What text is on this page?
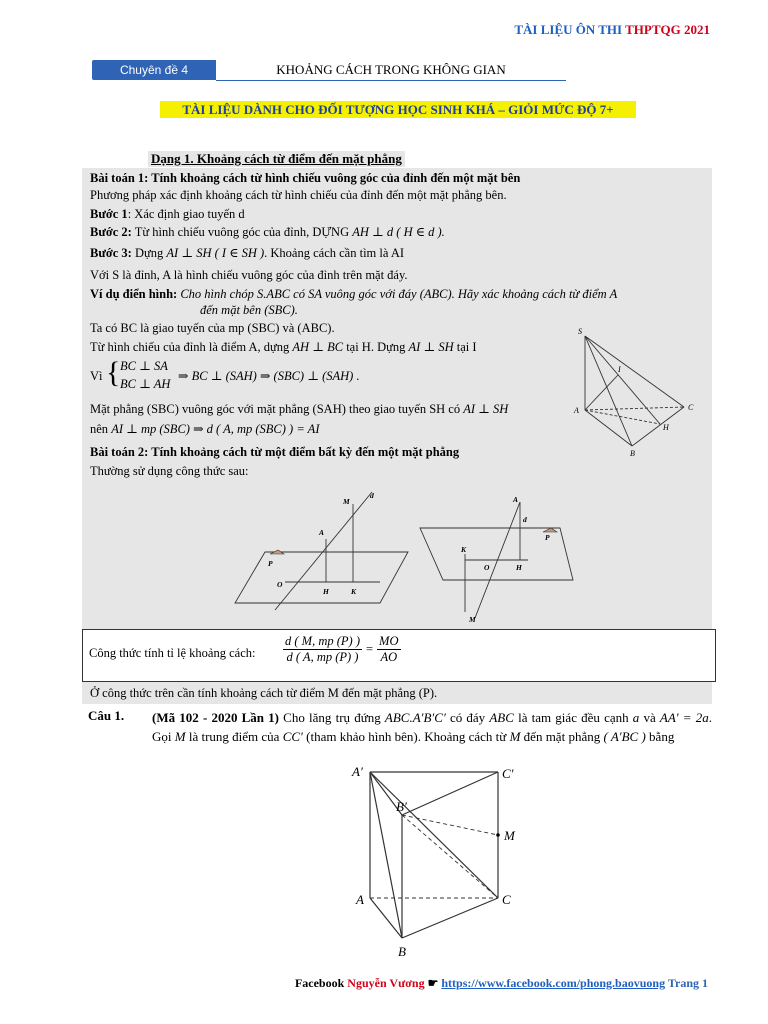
TÀI LIỆU ÔN THI THPTQG 2021
Chuyên đề 4	KHOẢNG CÁCH TRONG KHÔNG GIAN
TÀI LIỆU DÀNH CHO ĐỐI TƯỢNG HỌC SINH KHÁ – GIỎI MỨC ĐỘ 7+
Dạng 1. Khoảng cách từ điểm đến mặt phẳng
Bài toán 1: Tính khoảng cách từ hình chiếu vuông góc của đỉnh đến một mặt bên
Phương pháp xác định khoảng cách từ hình chiếu của đỉnh đến một mặt phẳng bên.
Bước 1: Xác định giao tuyến d
Bước 2: Từ hình chiếu vuông góc của đỉnh, DỰNG AH ⊥ d ( H ∈ d ).
Bước 3: Dựng AI ⊥ SH ( I ∈ SH ). Khoảng cách cần tìm là AI
Với S là đỉnh, A là hình chiếu vuông góc của đỉnh trên mặt đáy.
Ví dụ điển hình: Cho hình chóp S.ABC có SA vuông góc với đáy (ABC). Hãy xác khoảng cách từ điểm A
đến mặt bên (SBC).
Ta có BC là giao tuyến của mp (SBC) và (ABC).
Từ hình chiếu của đỉnh là điểm A, dựng AH ⊥ BC tại H. Dựng AI ⊥ SH tại I
Vì { BC ⊥ SA
BC ⊥ AH
⇒ BC ⊥ (SAH) ⇒ (SBC) ⊥ (SAH) .
Mặt phẳng (SBC) vuông góc với mặt phẳng (SAH) theo giao tuyến SH có AI ⊥ SH
nên AI ⊥ mp (SBC) ⇒ d ( A, mp (SBC) ) = AI
Bài toán 2: Tính khoảng cách từ một điểm bất kỳ đến một mặt phẳng
Thường sử dụng công thức sau:
S
I
A	C
H
B
M
d
A
P
O
H	K
A
d
P
K
O	H
M
Công thức tính tỉ lệ khoảng cách: $\frac{d ( M, mp (P) )}{d ( A, mp (P) )} = \frac{MO}{AO}$
Ở công thức trên cần tính khoảng cách từ điểm M đến mặt phẳng (P).
Câu 1. (Mã 102 - 2020 Lần 1) Cho lăng trụ đứng ABC.A′B′C′ có đáy ABC là tam giác đều cạnh a và AA′ = 2a. Gọi M là trung điểm của CC′ (tham khảo hình bên). Khoảng cách từ M đến mặt phẳng ( A′BC ) bằng
A′	C′
B′
M
A	C
B
Facebook Nguyễn Vương ☛ https://www.facebook.com/phong.baovuong Trang 1
